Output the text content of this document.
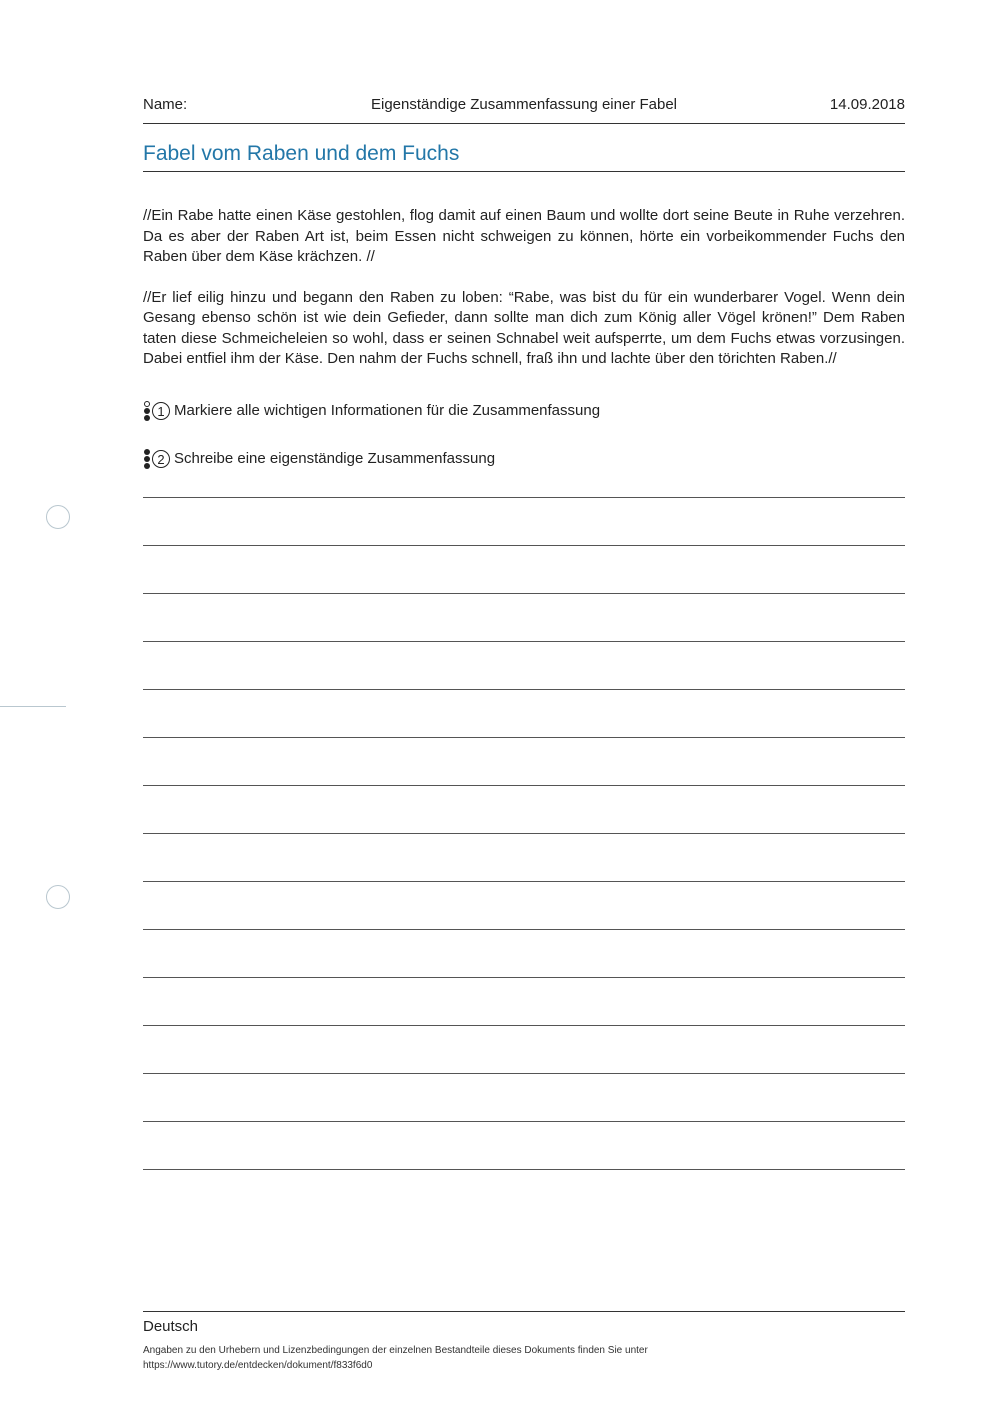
Eigenständige Zusammenfassung einer Fabel
Name:	14.09.2018
Fabel vom Raben und dem Fuchs

//Ein Rabe hatte einen Käse gestohlen, flog damit auf einen Baum und wollte dort seine Beute in Ruhe verzehren. Da es aber der Raben Art ist, beim Essen nicht schweigen zu können, hörte ein vorbeikommender Fuchs den Raben über dem Käse krächzen. //

//Er lief eilig hinzu und begann den Raben zu loben: “Rabe, was bist du für ein wunderbarer Vogel. Wenn dein Gesang ebenso schön ist wie dein Gefieder, dann sollte man dich zum König aller Vögel krönen!” Dem Raben taten diese Schmeicheleien so wohl, dass er seinen Schnabel weit aufsperrte, um dem Fuchs etwas vorzusingen. Dabei entfiel ihm der Käse. Den nahm der Fuchs schnell, fraß ihn und lachte über den törichten Raben.//

1 Markiere alle wichtigen Informationen für die Zusammenfassung
2 Schreibe eine eigenständige Zusammenfassung
Deutsch
Angaben zu den Urhebern und Lizenzbedingungen der einzelnen Bestandteile dieses Dokuments finden Sie unter
https://www.tutory.de/entdecken/dokument/f833f6d0
